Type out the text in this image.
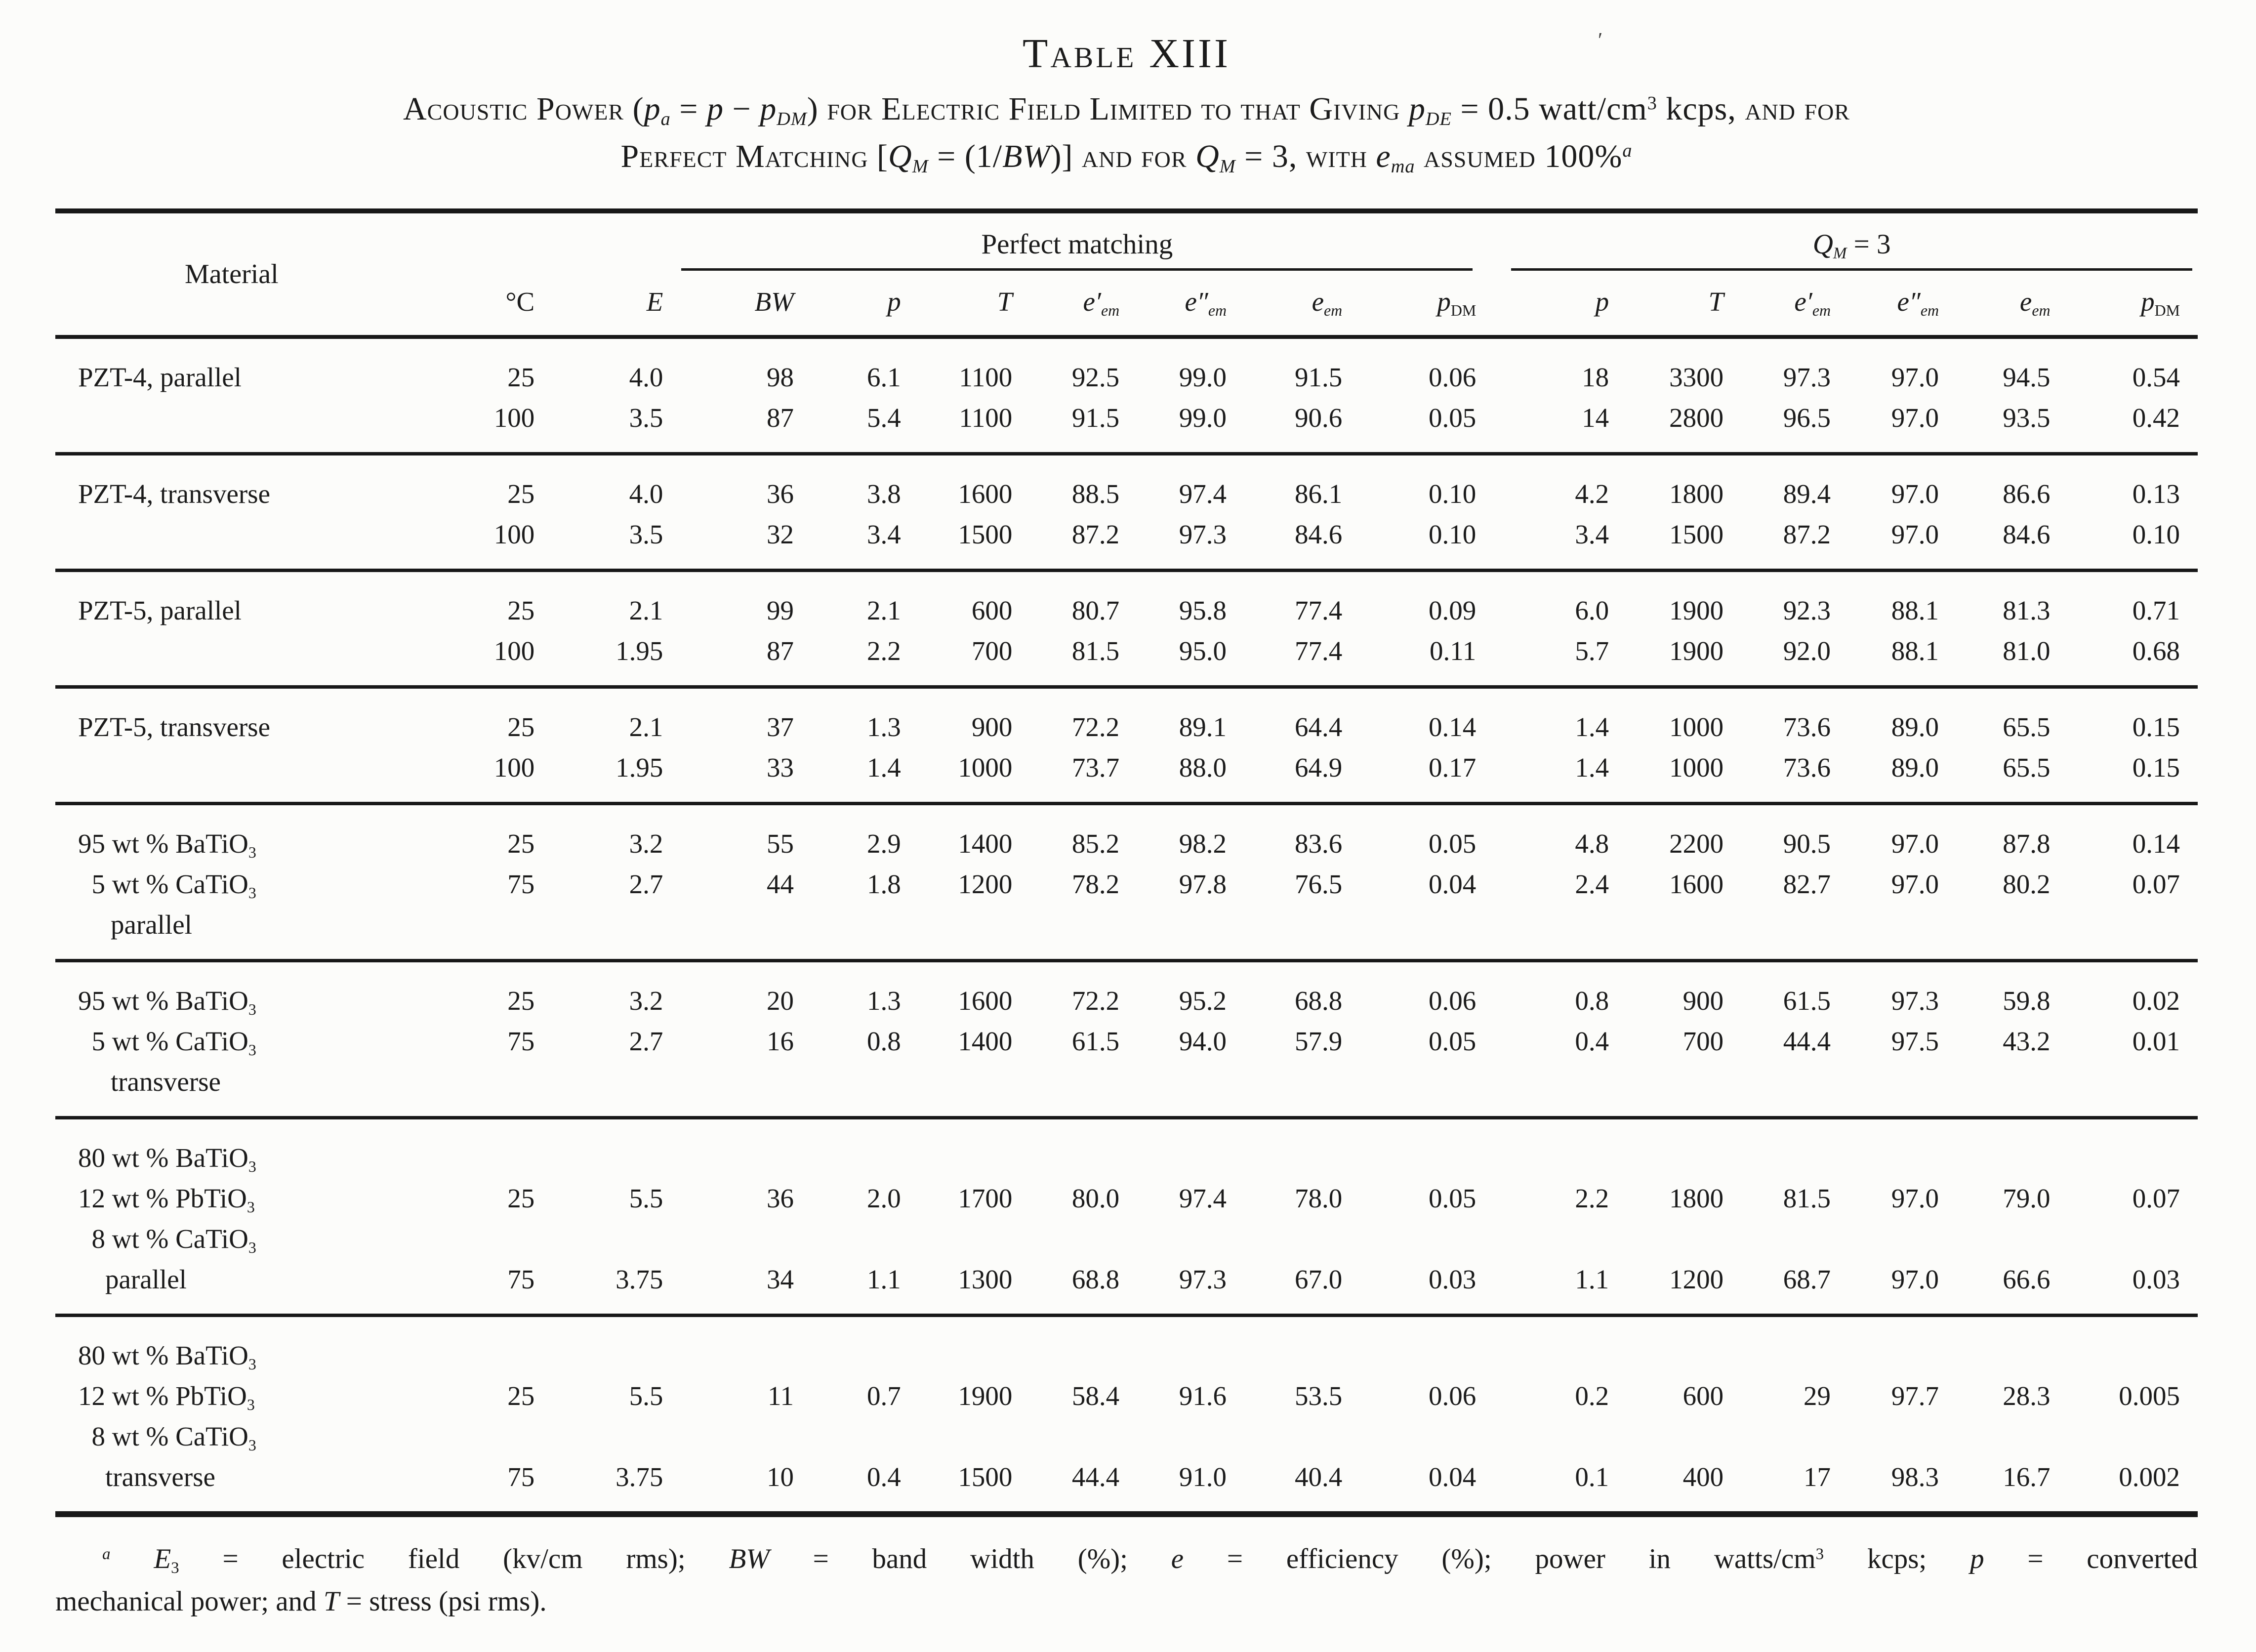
ʹ
Table XIII
Acoustic Power $(p_a = p - p_{DM})$ for Electric Field Limited to that Giving $p_{DE} = 0.5$ watt/$cm^3$ kcps, and for
Perfect Matching $[Q_M = (1/BW)]$ and for $Q_M = 3$, with $e_{ma}$ assumed 100%$^a$
Material	°C	E	Perfect matching							$Q_M = 3$					

			BW	p	T	$e'_{em}$	$e''_{em}$	$e_{em}$	$p_{DM}$	p	T	$e'_{em}$	$e''_{em}$	$e_{em}$	$p_{DM}$
PZT-4, parallel	25	4.0	98	6.1	1100	92.5	99.0	91.5	0.06	18	3300	97.3	97.0	94.5	0.54
	100	3.5	87	5.4	1100	91.5	99.0	90.6	0.05	14	2800	96.5	97.0	93.5	0.42
PZT-4, transverse	25	4.0	36	3.8	1600	88.5	97.4	86.1	0.10	4.2	1800	89.4	97.0	86.6	0.13
	100	3.5	32	3.4	1500	87.2	97.3	84.6	0.10	3.4	1500	87.2	97.0	84.6	0.10
PZT-5, parallel	25	2.1	99	2.1	600	80.7	95.8	77.4	0.09	6.0	1900	92.3	88.1	81.3	0.71
	100	1.95	87	2.2	700	81.5	95.0	77.4	0.11	5.7	1900	92.0	88.1	81.0	0.68
PZT-5, transverse	25	2.1	37	1.3	900	72.2	89.1	64.4	0.14	1.4	1000	73.6	89.0	65.5	0.15
	100	1.95	33	1.4	1000	73.7	88.0	64.9	0.17	1.4	1000	73.6	89.0	65.5	0.15
95 wt % BaTiO$_3$	25	3.2	55	2.9	1400	85.2	98.2	83.6	0.05	4.8	2200	90.5	97.0	87.8	0.14
5 wt % CaTiO$_3$	75	2.7	44	1.8	1200	78.2	97.8	76.5	0.04	2.4	1600	82.7	97.0	80.2	0.07
parallel															
95 wt % BaTiO$_3$	25	3.2	20	1.3	1600	72.2	95.2	68.8	0.06	0.8	900	61.5	97.3	59.8	0.02
5 wt % CaTiO$_3$	75	2.7	16	0.8	1400	61.5	94.0	57.9	0.05	0.4	700	44.4	97.5	43.2	0.01
transverse															
80 wt % BaTiO$_3$															
12 wt % PbTiO$_3$	25	5.5	36	2.0	1700	80.0	97.4	78.0	0.05	2.2	1800	81.5	97.0	79.0	0.07
8 wt % CaTiO$_3$															
parallel	75	3.75	34	1.1	1300	68.8	97.3	67.0	0.03	1.1	1200	68.7	97.0	66.6	0.03
80 wt % BaTiO$_3$															
12 wt % PbTiO$_3$	25	5.5	11	0.7	1900	58.4	91.6	53.5	0.06	0.2	600	29	97.7	28.3	0.005
8 wt % CaTiO$_3$															
transverse	75	3.75	10	0.4	1500	44.4	91.0	40.4	0.04	0.1	400	17	98.3	16.7	0.002
$^a$ $E_3$ = electric field (kv/cm rms); BW = band width (%); e = efficiency (%); power in watts/$cm^3$ kcps; p = converted
mechanical power; and T = stress (psi rms).
